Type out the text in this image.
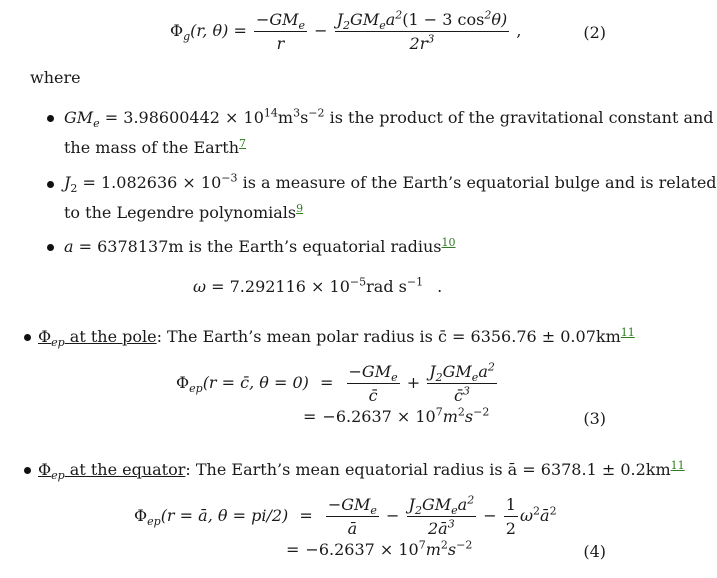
$\Phi_g(r$, $\theta) = \frac{-GM_e}{r} - \frac{J_2GM_ea^2(1 - 3 \cos^2\theta)}{2r^3}$ ,	(2)
where
$GM_e = 3.98600442 \times 10^{14}m^3s^{-2}$ is the product of the gravitational constant and
the mass of the Earth$^7$
$J_2 = 1.082636 \times 10^{-3}$ is a measure of the Earth’s equatorial bulge and is related
to the Legendre polynomials$^9$
a = 6378137m is the Earth’s equatorial radius$^{10}$
$\omega = 7.292116 \times 10^{-5}rad$ $s^{-1}$ .
$\Phi_{ep}$ at the pole: The Earth’s mean polar radius is c̄ = 6356.76 ± 0.07km$^{11}$
$\Phi_{ep}(r$ = c̄, $\theta = 0) = \frac{-GM_e}{c̄} + \frac{J_2GM_ea^2}{c̄^3}$
= $-6.2637 \times 10^7m^2s^{-2}$	(3)
$\Phi_{ep}$ at the equator: The Earth’s mean equatorial radius is ā = 6378.1 ± 0.2km$^{11}$
$\Phi_{ep}(r$ = ā, $\theta = pi/2) = \frac{-GM_e}{ā} - \frac{J_2GM_ea^2}{2ā^3} - \frac{1}{2}$ $\omega^2ā^2$
= $-6.2637 \times 10^7m^2s^{-2}$	(4)
